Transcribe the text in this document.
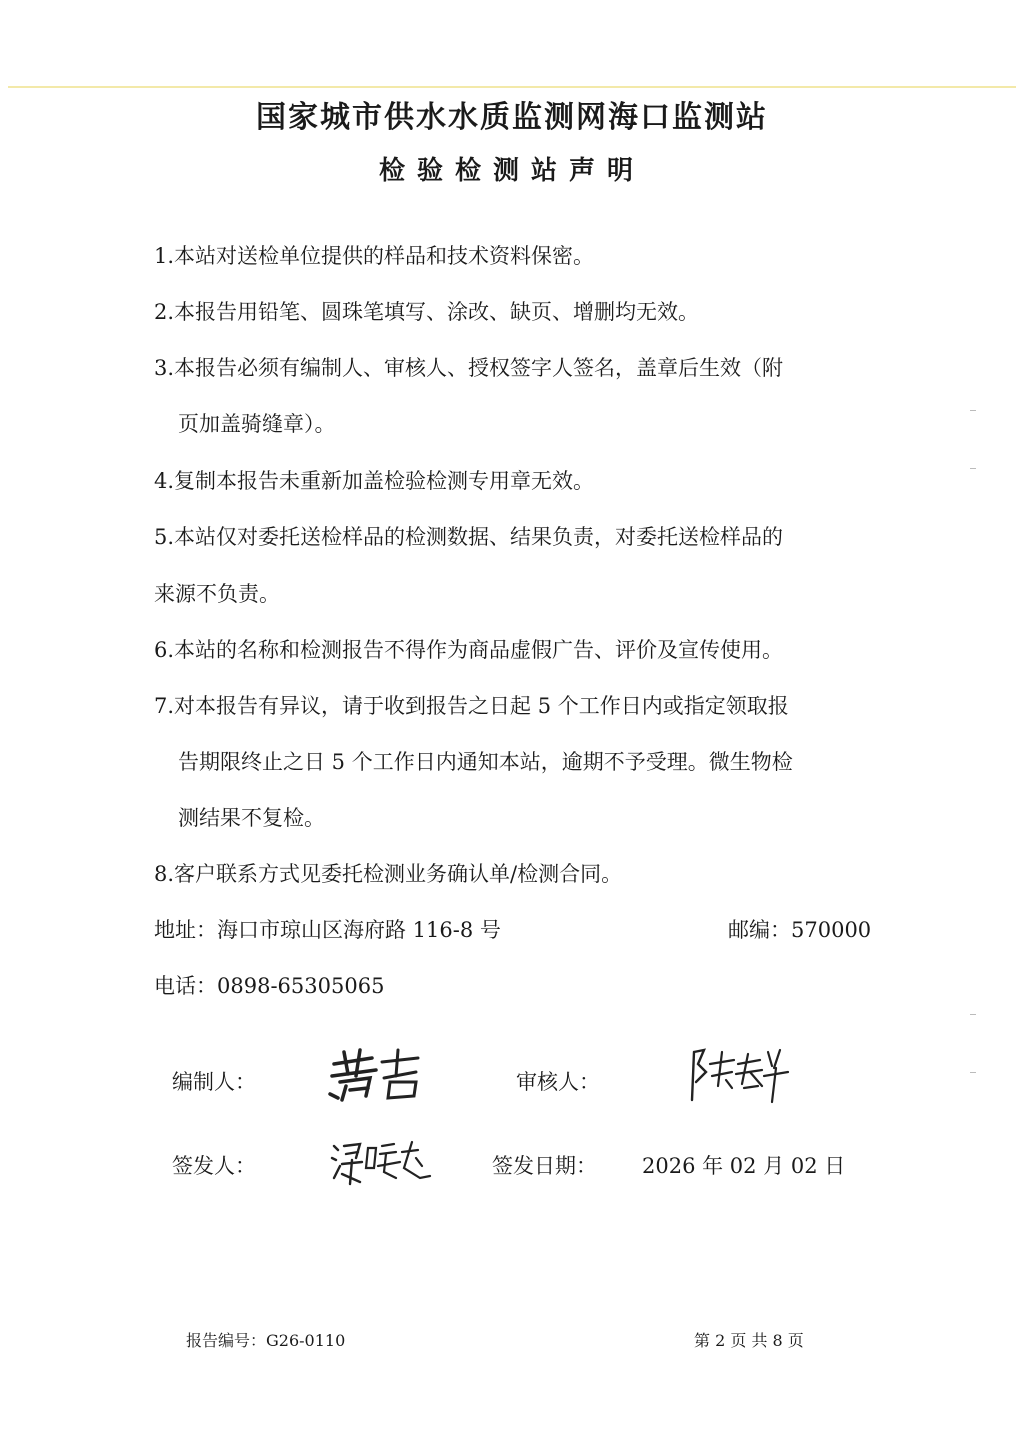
国家城市供水水质监测网海口监测站
检验检测站声明
1.本站对送检单位提供的样品和技术资料保密。
2.本报告用铅笔、圆珠笔填写、涂改、缺页、增删均无效。
3.本报告必须有编制人、审核人、授权签字人签名，盖章后生效（附
页加盖骑缝章）。
4.复制本报告未重新加盖检验检测专用章无效。
5.本站仅对委托送检样品的检测数据、结果负责，对委托送检样品的
来源不负责。
6.本站的名称和检测报告不得作为商品虚假广告、评价及宣传使用。
7.对本报告有异议，请于收到报告之日起 5 个工作日内或指定领取报
告期限终止之日 5 个工作日内通知本站，逾期不予受理。微生物检
测结果不复检。
8.客户联系方式见委托检测业务确认单/检测合同。
地址：海口市琼山区海府路 116-8 号	邮编：570000
电话：0898-65305065
编制人：	审核人：
签发人：	签发日期： 2026 年 02 月 02 日
报告编号：G26-0110	第 2 页 共 8 页
